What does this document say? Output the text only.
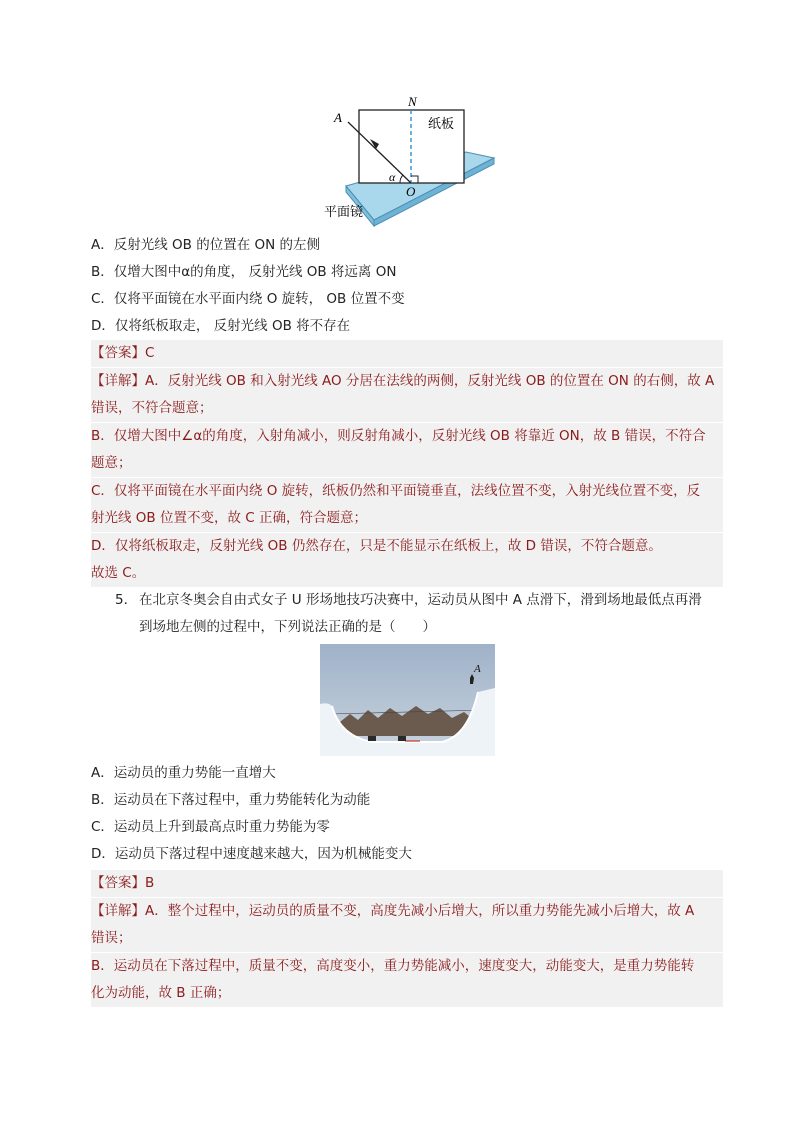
A
N
α
O
纸板
平面镜
A．反射光线 OB 的位置在 ON 的左侧
B．仅增大图中α的角度， 反射光线 OB 将远离 ON
C．仅将平面镜在水平面内绕 O 旋转， OB 位置不变
D．仅将纸板取走， 反射光线 OB 将不存在
【答案】C
【详解】A．反射光线 OB 和入射光线 AO 分居在法线的两侧，反射光线 OB 的位置在 ON 的右侧，故 A
错误，不符合题意；
B．仅增大图中∠α的角度，入射角减小，则反射角减小，反射光线 OB 将靠近 ON，故 B 错误，不符合
题意；
C．仅将平面镜在水平面内绕 O 旋转，纸板仍然和平面镜垂直，法线位置不变，入射光线位置不变，反
射光线 OB 位置不变，故 C 正确，符合题意；
D．仅将纸板取走，反射光线 OB 仍然存在，只是不能显示在纸板上，故 D 错误，不符合题意。
故选 C。
5． 在北京冬奥会自由式女子 U 形场地技巧决赛中，运动员从图中 A 点滑下，滑到场地最低点再滑
到场地左侧的过程中，下列说法正确的是（　　）
A
A．运动员的重力势能一直增大
B．运动员在下落过程中，重力势能转化为动能
C．运动员上升到最高点时重力势能为零
D．运动员下落过程中速度越来越大，因为机械能变大
【答案】B
【详解】A．整个过程中，运动员的质量不变，高度先减小后增大，所以重力势能先减小后增大，故 A
错误；
B．运动员在下落过程中，质量不变，高度变小，重力势能减小，速度变大，动能变大，是重力势能转
化为动能，故 B 正确；
